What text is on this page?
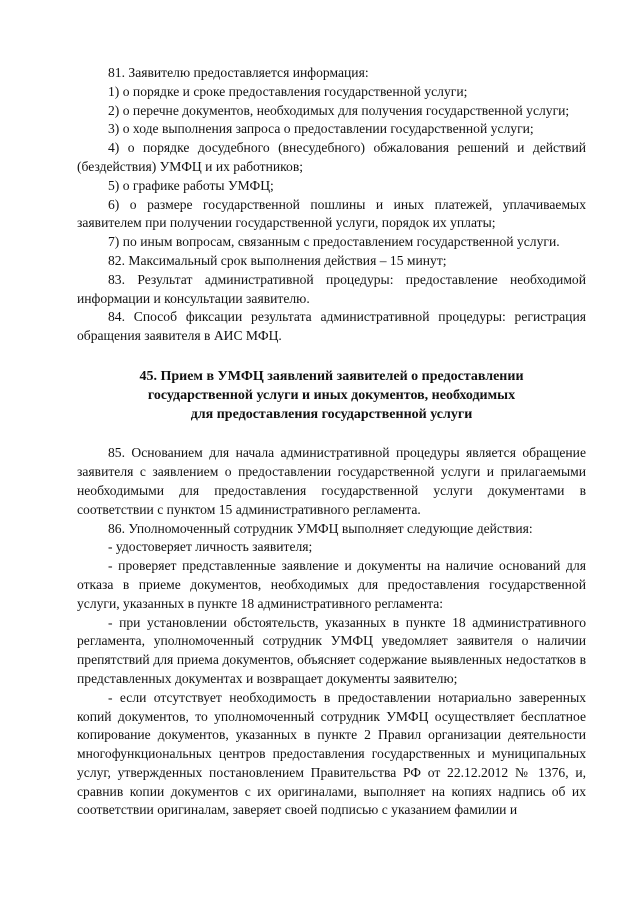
81. Заявителю предоставляется информация:

1) о порядке и сроке предоставления государственной услуги;

2) о перечне документов, необходимых для получения государственной услуги;

3) о ходе выполнения запроса о предоставлении государственной услуги;

4) о порядке досудебного (внесудебного) обжалования решений и действий (бездействия) УМФЦ и их работников;

5) о графике работы УМФЦ;

6) о размере государственной пошлины и иных платежей, уплачиваемых заявителем при получении государственной услуги, порядок их уплаты;

7) по иным вопросам, связанным с предоставлением государственной услуги.

82. Максимальный срок выполнения действия – 15 минут;

83. Результат административной процедуры: предоставление необходимой информации и консультации заявителю.

84. Способ фиксации результата административной процедуры: регистрация обращения заявителя в АИС МФЦ.

45. Прием в УМФЦ заявлений заявителей о предоставлении
государственной услуги и иных документов, необходимых
для предоставления государственной услуги

85. Основанием для начала административной процедуры является обращение заявителя с заявлением о предоставлении государственной услуги и прилагаемыми необходимыми для предоставления государственной услуги документами в соответствии с пунктом 15 административного регламента.

86. Уполномоченный сотрудник УМФЦ выполняет следующие действия:

- удостоверяет личность заявителя;

- проверяет представленные заявление и документы на наличие оснований для отказа в приеме документов, необходимых для предоставления государственной услуги, указанных в пункте 18 административного регламента:

- при установлении обстоятельств, указанных в пункте 18 административного регламента, уполномоченный сотрудник УМФЦ уведомляет заявителя о наличии препятствий для приема документов, объясняет содержание выявленных недостатков в представленных документах и возвращает документы заявителю;

- если отсутствует необходимость в предоставлении нотариально заверенных копий документов, то уполномоченный сотрудник УМФЦ осуществляет бесплатное копирование документов, указанных в пункте 2 Правил организации деятельности многофункциональных центров предоставления государственных и муниципальных услуг, утвержденных постановлением Правительства РФ от 22.12.2012 № 1376, и, сравнив копии документов с их оригиналами, выполняет на копиях надпись об их соответствии оригиналам, заверяет своей подписью с указанием фамилии и
